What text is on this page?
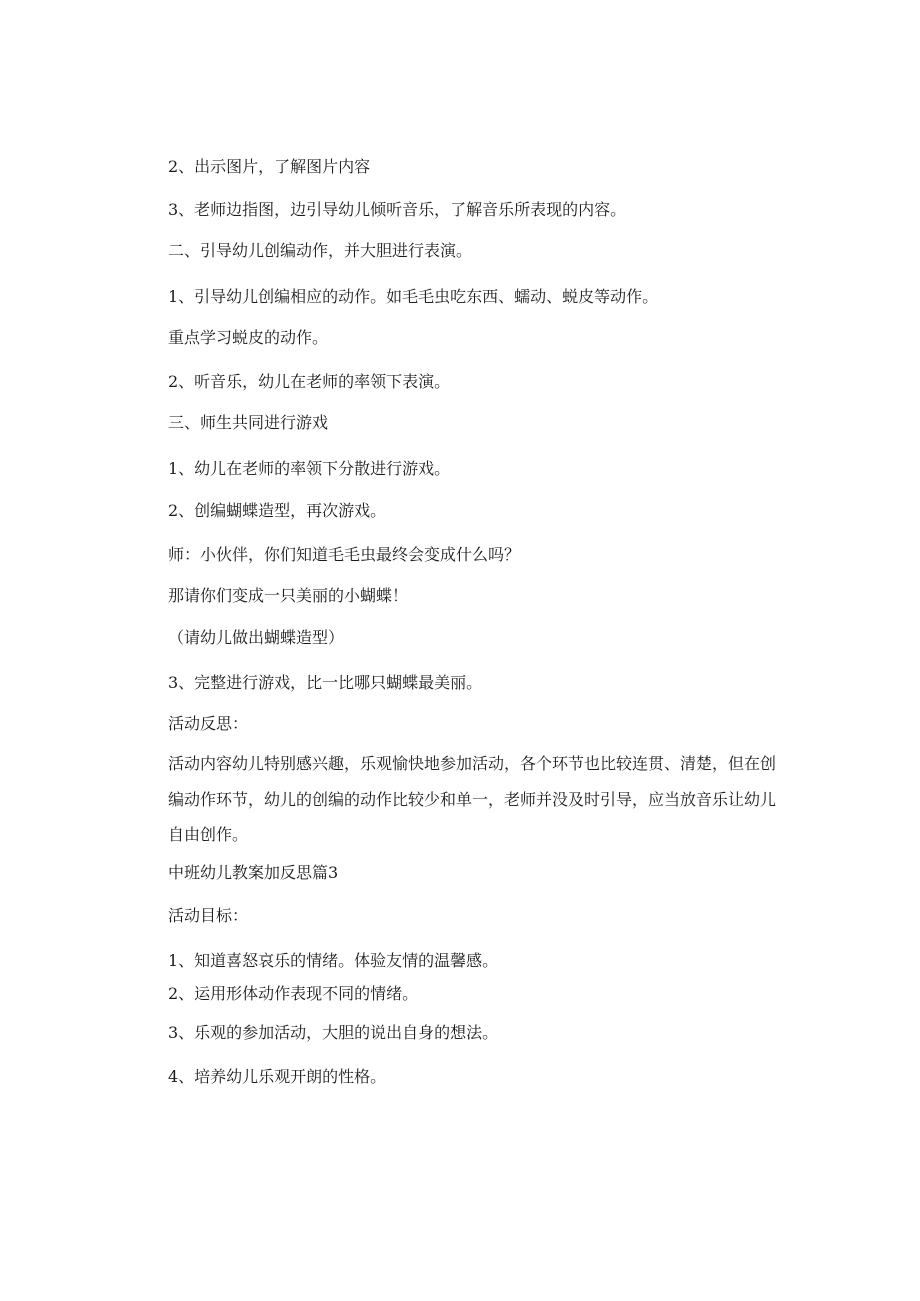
2、出示图片，了解图片内容
3、老师边指图，边引导幼儿倾听音乐，了解音乐所表现的内容。
二、引导幼儿创编动作，并大胆进行表演。
1、引导幼儿创编相应的动作。如毛毛虫吃东西、蠕动、蜕皮等动作。
重点学习蜕皮的动作。
2、听音乐，幼儿在老师的率领下表演。
三、师生共同进行游戏
1、幼儿在老师的率领下分散进行游戏。
2、创编蝴蝶造型，再次游戏。
师：小伙伴，你们知道毛毛虫最终会变成什么吗？
那请你们变成一只美丽的小蝴蝶！
（请幼儿做出蝴蝶造型）
3、完整进行游戏，比一比哪只蝴蝶最美丽。
活动反思：
活动内容幼儿特别感兴趣，乐观愉快地参加活动，各个环节也比较连贯、清楚，但在创编动作环节，幼儿的创编的动作比较少和单一，老师并没及时引导，应当放音乐让幼儿自由创作。
中班幼儿教案加反思篇3
活动目标：
1、知道喜怒哀乐的情绪。体验友情的温馨感。
2、运用形体动作表现不同的情绪。
3、乐观的参加活动，大胆的说出自身的想法。
4、培养幼儿乐观开朗的性格。
